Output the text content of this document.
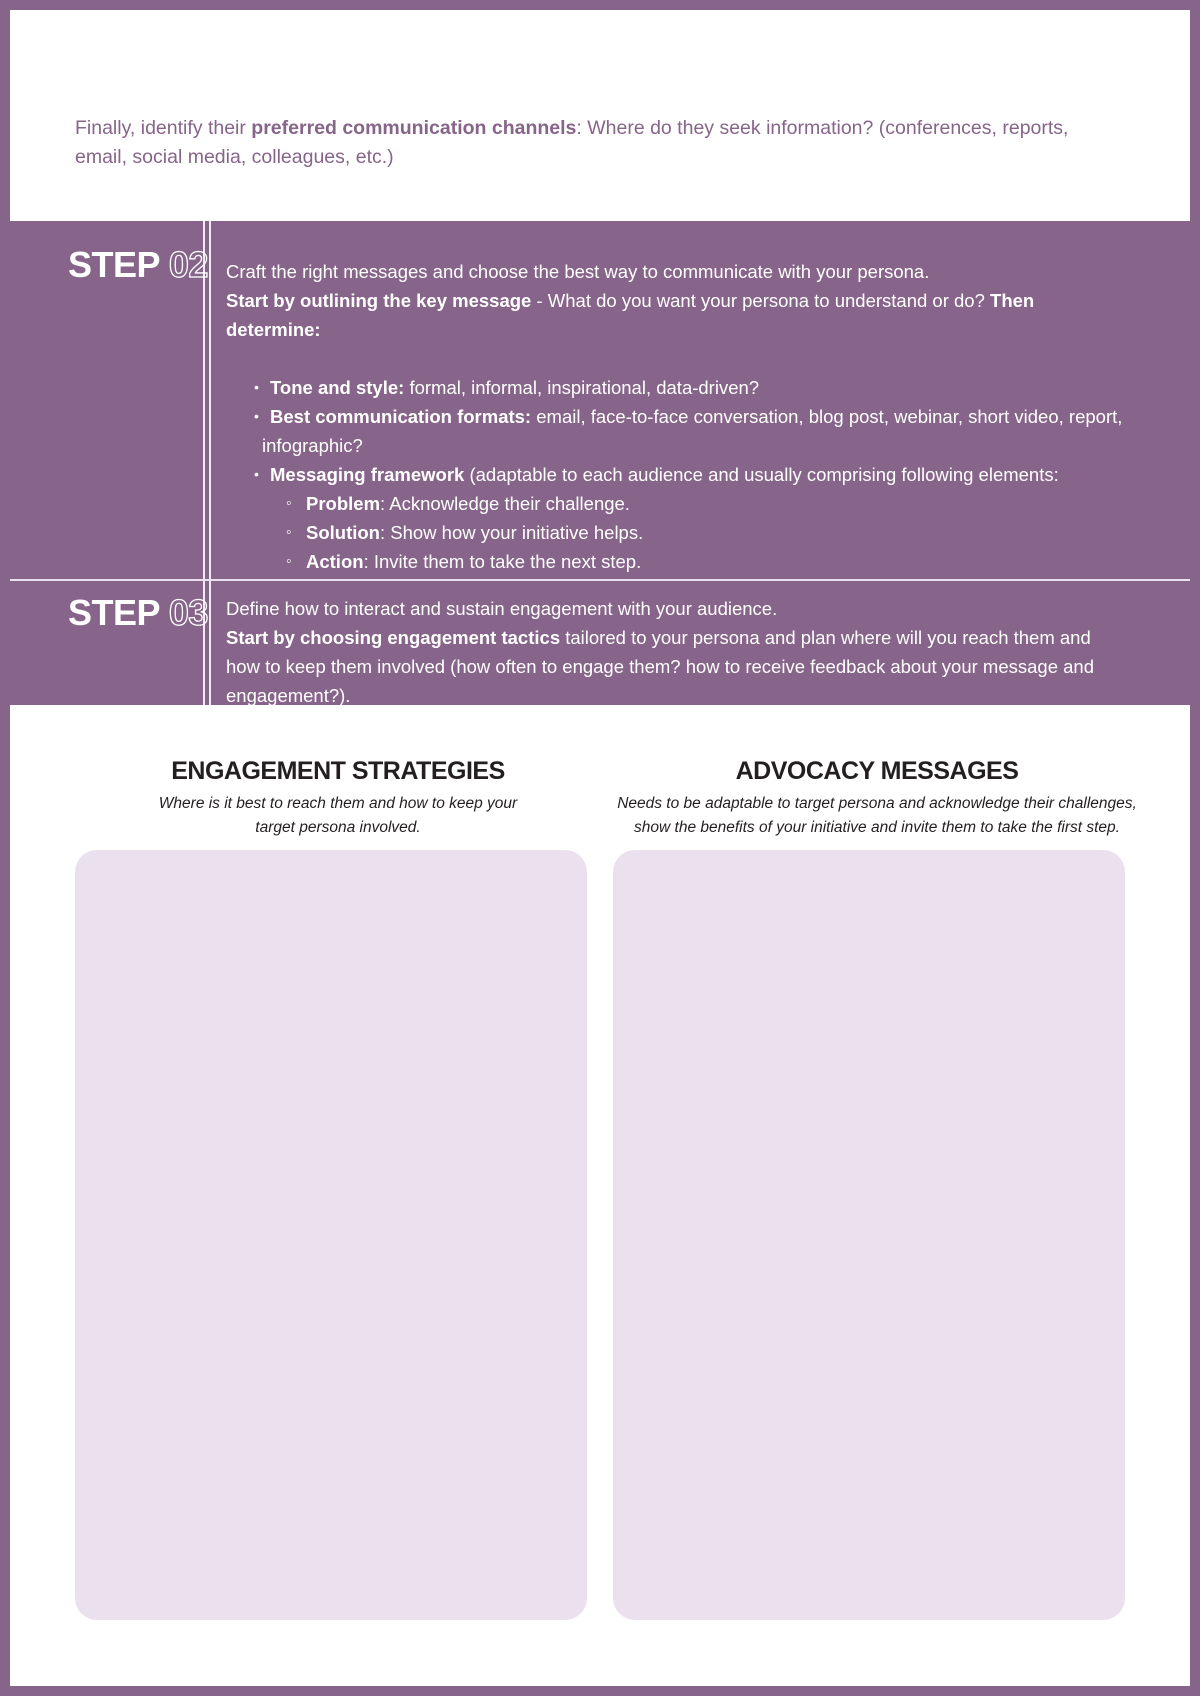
Finally, identify their preferred communication channels: Where do they seek information? (conferences, reports, email, social media, colleagues, etc.)

STEP 02 Craft the right messages and choose the best way to communicate with your persona.
Start by outlining the key message - What do you want your persona to understand or do? Then determine:
• Tone and style: formal, informal, inspirational, data-driven?
• Best communication formats: email, face-to-face conversation, blog post, webinar, short video, report,
infographic?
• Messaging framework (adaptable to each audience and usually comprising following elements:
◦ Problem: Acknowledge their challenge.
◦ Solution: Show how your initiative helps.
◦ Action: Invite them to take the next step.
STEP 03 Define how to interact and sustain engagement with your audience.
Start by choosing engagement tactics tailored to your persona and plan where will you reach them and how to keep them involved (how often to engage them? how to receive feedback about your message and engagement?).
ENGAGEMENT STRATEGIES
Where is it best to reach them and how to keep your
target persona involved.
ADVOCACY MESSAGES
Needs to be adaptable to target persona and acknowledge their challenges,
show the benefits of your initiative and invite them to take the first step.
